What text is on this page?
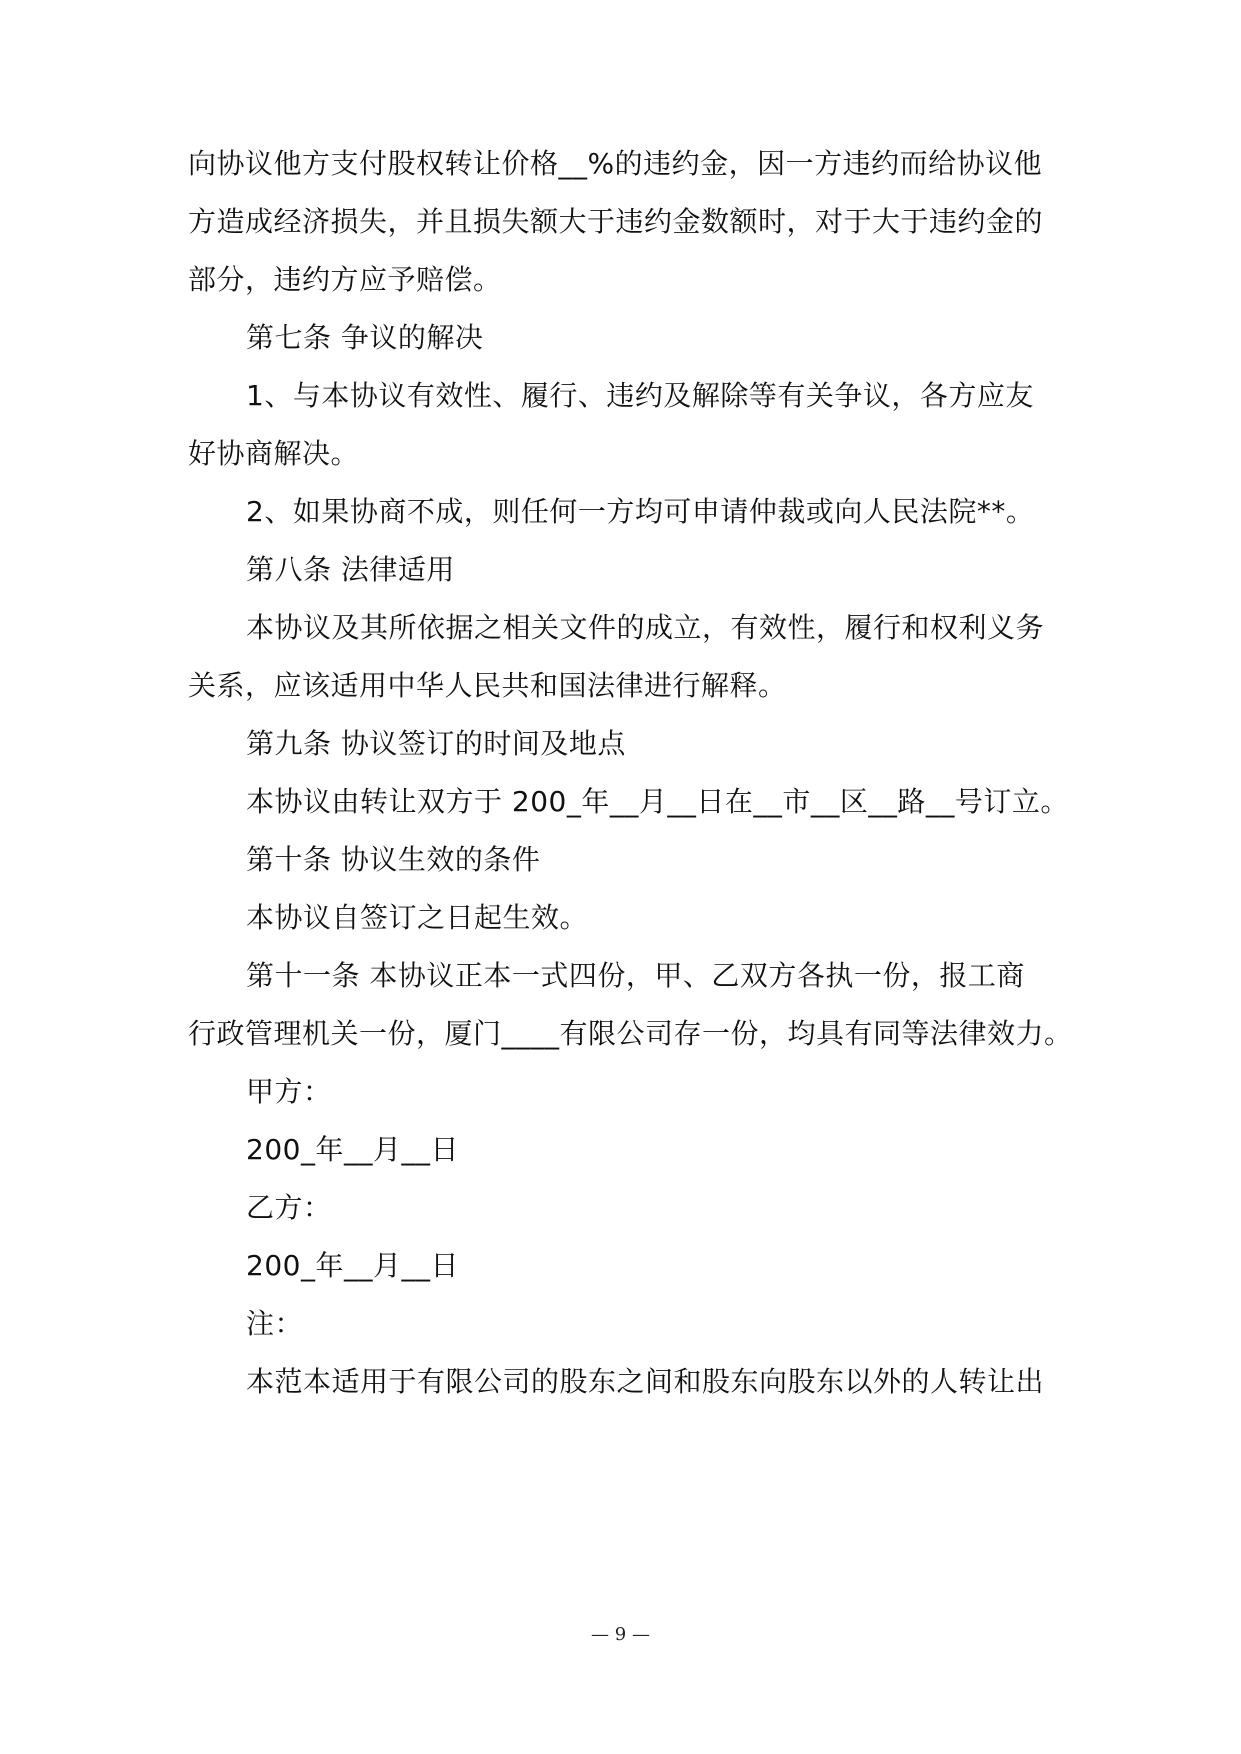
向协议他方支付股权转让价格__%的违约金，因一方违约而给协议他
方造成经济损失，并且损失额大于违约金数额时，对于大于违约金的
部分，违约方应予赔偿。
第七条 争议的解决
1、与本协议有效性、履行、违约及解除等有关争议，各方应友
好协商解决。
2、如果协商不成，则任何一方均可申请仲裁或向人民法院**。
第八条 法律适用
本协议及其所依据之相关文件的成立，有效性，履行和权利义务
关系，应该适用中华人民共和国法律进行解释。
第九条 协议签订的时间及地点
本协议由转让双方于 200_年__月__日在__市__区__路__号订立。
第十条 协议生效的条件
本协议自签订之日起生效。
第十一条 本协议正本一式四份，甲、乙双方各执一份，报工商
行政管理机关一份，厦门____有限公司存一份，均具有同等法律效力。
甲方：
200_年__月__日
乙方：
200_年__月__日
注：
本范本适用于有限公司的股东之间和股东向股东以外的人转让出
— 9 —
